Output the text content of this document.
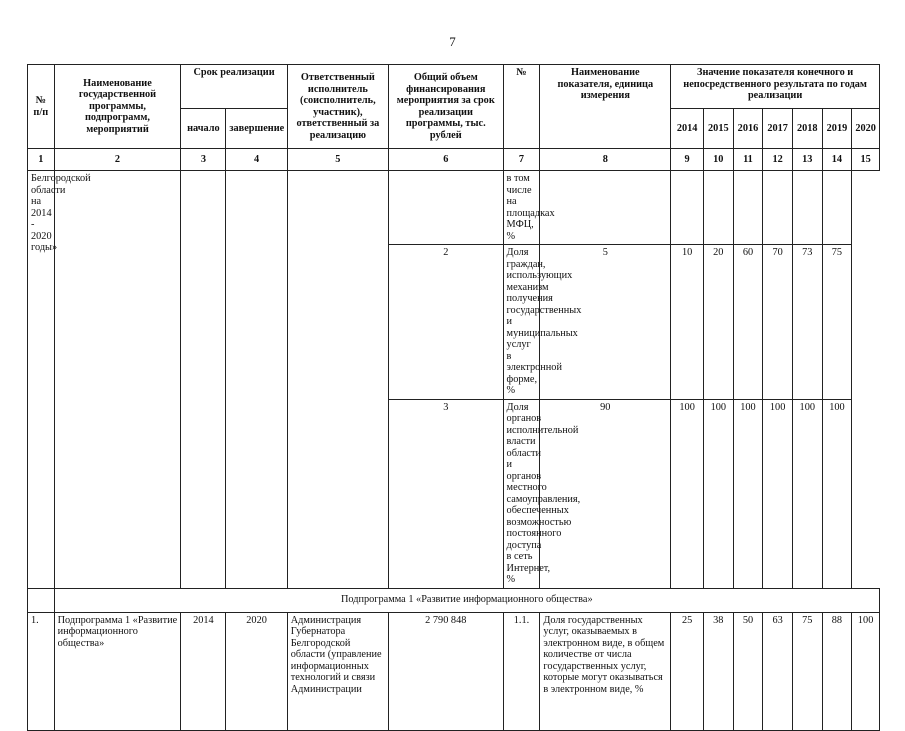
7
№ п/п	Наименование государственной программы, подпрограмм, мероприятий	Срок реализации		Ответственный исполнитель (соисполнитель, участник), ответственный за реализацию	Общий объем финансирования мероприятия за срок реализации программы, тыс. рублей	№	Наименование показателя, единица измерения	Значение показателя конечного и непосредственного результата по годам реализации						
		начало	завершение					2014	2015	2016	2017	2018	2019	2020
1	2	3	4	5	6	7	8	9	10	11	12	13	14	15
Белгородской области на 2014 - 2020 годы»						в том числе на площадках МФЦ, %								
					2	Доля граждан, использующих механизм получения государственных и муниципальных услуг в электронной форме, %	5	10	20	60	70	73	75	
					3	Доля органов исполнительной власти области и органов местного самоуправления, обеспеченных возможностью постоянного доступа в сеть Интернет, %	90	100	100	100	100	100	100	
	Подпрограмма 1 «Развитие информационного общества»													
1.	Подпрограмма 1 «Развитие информационного общества»	2014	2020	Администрация Губернатора Белгородской области (управление информационных технологий и связи Администрации	2 790 848	1.1.	Доля государственных услуг, оказываемых в электронном виде, в общем количестве от числа государственных услуг, которые могут оказываться в электронном виде, %	25	38	50	63	75	88	100
